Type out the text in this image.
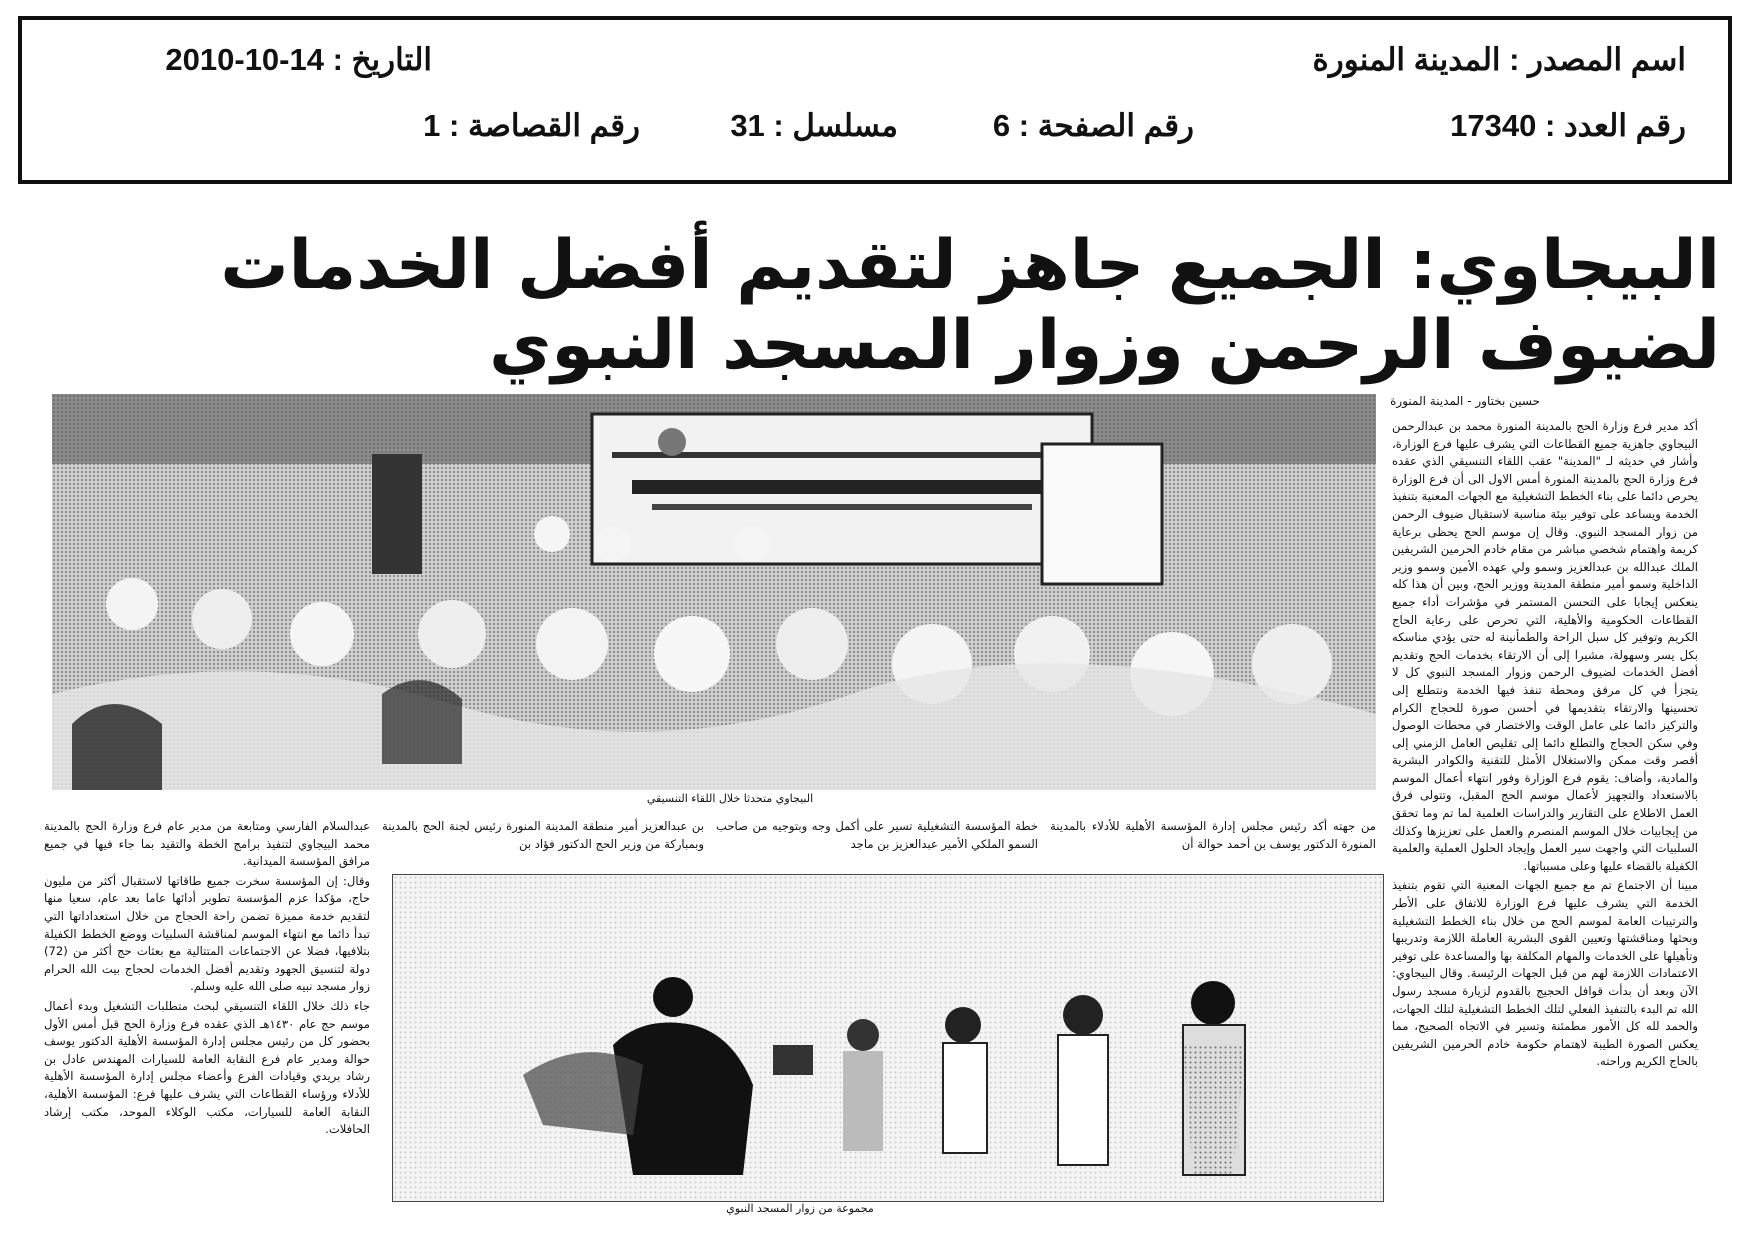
اسم المصدر : المدينة المنورة
التاريخ : 14-10-2010
رقم العدد : 17340
رقم الصفحة : 6
مسلسل : 31
رقم القصاصة : 1
البيجاوي: الجميع جاهز لتقديم أفضل الخدمات
لضيوف الرحمن وزوار المسجد النبوي
حسين بختاور - المدينة المنورة

أكد مدير فرع وزارة الحج بالمدينة المنورة محمد بن عبدالرحمن البيجاوي جاهزية جميع القطاعات التي يشرف عليها فرع الوزارة، وأشار في حديثه لـ "المدينة" عقب اللقاء التنسيقي الذي عقده فرع وزارة الحج بالمدينة المنورة أمس الاول الى أن فرع الوزارة يحرص دائما على بناء الخطط التشغيلية مع الجهات المعنية بتنفيذ الخدمة ويساعد على توفير بيئة مناسبة لاستقبال ضيوف الرحمن من زوار المسجد النبوي. وقال إن موسم الحج يحظى برعاية كريمة واهتمام شخصي مباشر من مقام خادم الحرمين الشريفين الملك عبدالله بن عبدالعزيز وسمو ولي عهده الأمين وسمو وزير الداخلية وسمو أمير منطقة المدينة ووزير الحج، وبين أن هذا كله ينعكس إيجابا على التحسن المستمر في مؤشرات أداء جميع القطاعات الحكومية والأهلية، التي تحرص على رعاية الحاج الكريم وتوفير كل سبل الراحة والطمأنينة له حتى يؤدي مناسكه بكل يسر وسهولة، مشيرا إلى أن الارتقاء بخدمات الحج وتقديم أفضل الخدمات لضيوف الرحمن وزوار المسجد النبوي كل لا يتجزأ في كل مرفق ومحطة تنفذ فيها الخدمة ونتطلع إلى تحسينها والارتقاء بتقديمها في أحسن صورة للحجاج الكرام والتركيز دائما على عامل الوقت والاختصار في محطات الوصول وفي سكن الحجاج والتطلع دائما إلى تقليص العامل الزمني إلى أقصر وقت ممكن والاستغلال الأمثل للتقنية والكوادر البشرية والمادية، وأضاف: يقوم فرع الوزارة وفور انتهاء أعمال الموسم بالاستعداد والتجهيز لأعمال موسم الحج المقبل، وتتولى فرق العمل الاطلاع على التقارير والدراسات العلمية لما تم وما تحقق من إيجابيات خلال الموسم المنصرم والعمل على تعزيزها وكذلك السلبيات التي واجهت سير العمل وإيجاد الحلول العملية والعلمية الكفيلة بالقضاء عليها وعلى مسبباتها.

مبينا أن الاجتماع تم مع جميع الجهات المعنية التي تقوم بتنفيذ الخدمة التي يشرف عليها فرع الوزارة للاتفاق على الأطر والترتيبات العامة لموسم الحج من خلال بناء الخطط التشغيلية وبحثها ومناقشتها وتعيين القوى البشرية العاملة اللازمة وتدريبها وتأهيلها على الخدمات والمهام المكلفة بها والمساعدة على توفير الاعتمادات اللازمة لهم من قبل الجهات الرئيسة. وقال البيجاوي: الآن وبعد أن بدأت قوافل الحجيج بالقدوم لزيارة مسجد رسول الله تم البدء بالتنفيذ الفعلي لتلك الخطط التشغيلية لتلك الجهات، والحمد لله كل الأمور مطمئنة وتسير في الاتجاه الصحيح، مما يعكس الصورة الطيبة لاهتمام حكومة خادم الحرمين الشريفين بالحاج الكريم وراحته.

البيجاوي متحدثا خلال اللقاء التنسيقي

من جهته أكد رئيس مجلس إدارة المؤسسة الأهلية للأدلاء بالمدينة المنورة الدكتور يوسف بن أحمد حوالة أن

خطة المؤسسة التشغيلية تسير على أكمل وجه وبتوجيه من صاحب السمو الملكي الأمير عبدالعزيز بن ماجد

بن عبدالعزيز أمير منطقة المدينة المنورة رئيس لجنة الحج بالمدينة وبمباركة من وزير الحج الدكتور فؤاد بن

عبدالسلام الفارسي ومتابعة من مدير عام فرع وزارة الحج بالمدينة محمد البيجاوي لتنفيذ برامج الخطة والتقيد بما جاء فيها في جميع مرافق المؤسسة الميدانية.

وقال: إن المؤسسة سخرت جميع طاقاتها لاستقبال أكثر من مليون حاج، مؤكدا عزم المؤسسة تطوير أدائها عاما بعد عام، سعيا منها لتقديم خدمة مميزة تضمن راحة الحجاج من خلال استعداداتها التي تبدأ دائما مع انتهاء الموسم لمناقشة السلبيات ووضع الخطط الكفيلة بتلافيها، فضلا عن الاجتماعات المتتالية مع بعثات حج أكثر من (72) دولة لتنسيق الجهود وتقديم أفضل الخدمات لحجاج بيت الله الحرام زوار مسجد نبيه صلى الله عليه وسلم.

جاء ذلك خلال اللقاء التنسيقي لبحث متطلبات التشغيل وبدء أعمال موسم حج عام ١٤٣٠هـ الذي عقده فرع وزارة الحج قبل أمس الأول بحضور كل من رئيس مجلس إدارة المؤسسة الأهلية الدكتور يوسف حوالة ومدير عام فرع النقابة العامة للسيارات المهندس عادل بن رشاد بريدي وقيادات الفرع وأعضاء مجلس إدارة المؤسسة الأهلية للأدلاء ورؤساء القطاعات التي يشرف عليها فرع: المؤسسة الأهلية، النقابة العامة للسيارات، مكتب الوكلاء الموحد، مكتب إرشاد الحافلات.

مجموعة من زوار المسجد النبوي
